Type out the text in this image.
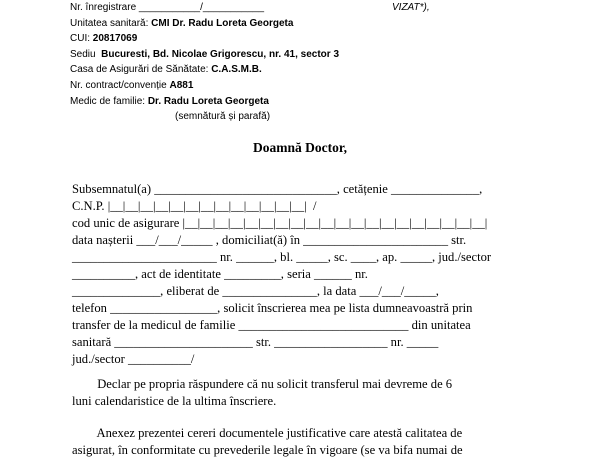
Nr. înregistrare ___________/___________
Unitatea sanitară: CMI Dr. Radu Loreta Georgeta
CUI: 20817069
Sediu  Bucuresti, Bd. Nicolae Grigorescu, nr. 41, sector 3
Casa de Asigurări de Sănătate: C.A.S.M.B.
Nr. contract/convenție A881
Medic de familie: Dr. Radu Loreta Georgeta
(semnătură și parafă)
VIZAT*),
Doamnă Doctor,
Subsemnatul(a) _____________________________, cetățenie ______________,
C.N.P. |__|__|__|__|__|__|__|__|__|__|__|__|__|  /
cod unic de asigurare |__|__|__|__|__|__|__|__|__|__|__|__|__|__|__|__|__|__|__|__|
data nașterii ___/___/_____ , domiciliat(ă) în _______________________ str.
_______________________ nr. ______, bl. _____, sc. ____, ap. _____, jud./sector
__________, act de identitate _________, seria ______ nr.
______________, eliberat de _______________, la data ___/___/_____,
telefon _________________, solicit înscrierea mea pe lista dumneavoastră prin
transfer de la medicul de familie ___________________________ din unitatea
sanitară ______________________ str. __________________ nr. _____
jud./sector __________/
Declar pe propria răspundere că nu solicit transferul mai devreme de 6
luni calendaristice de la ultima înscriere.
Anexez prezentei cereri documentele justificative care atestă calitatea de
asigurat, în conformitate cu prevederile legale în vigoare (se va bifa numai de
